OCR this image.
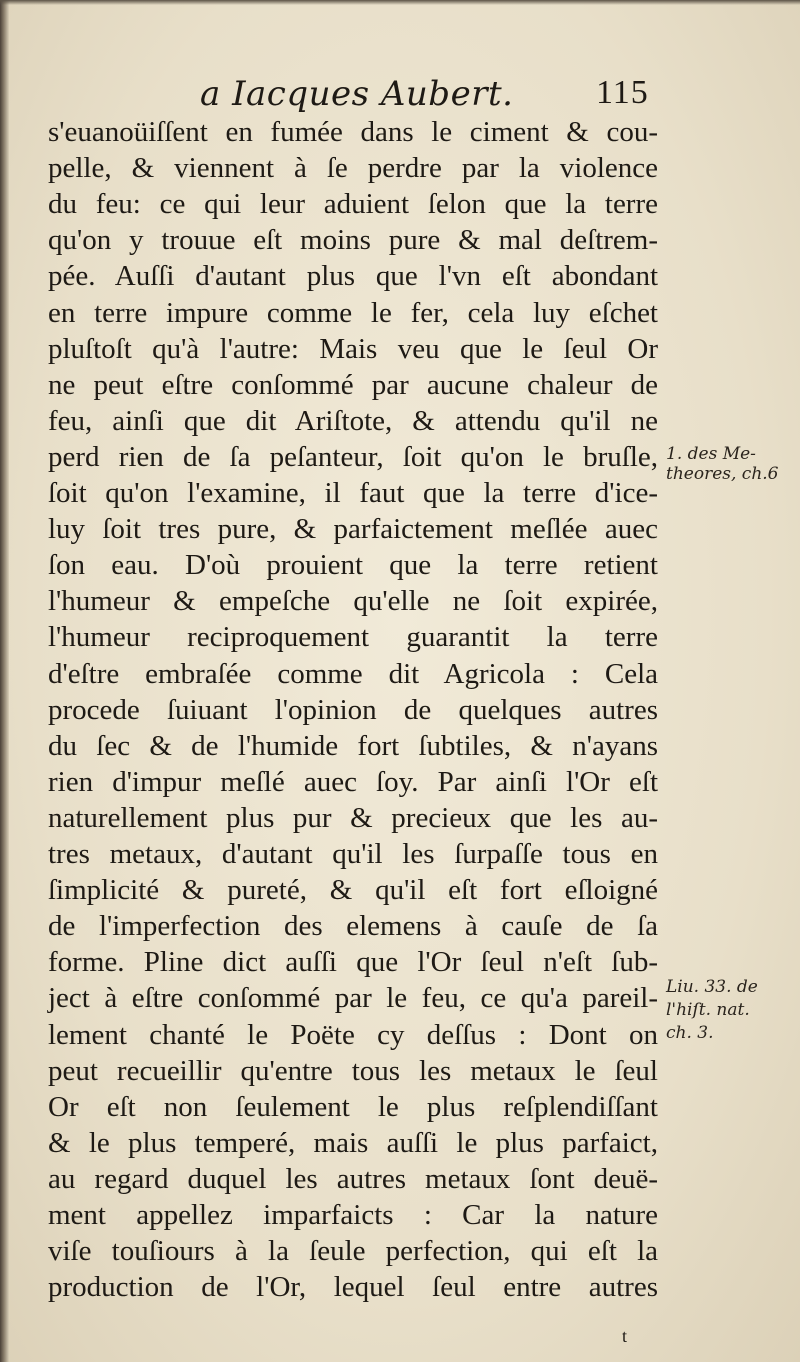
a Iacques Aubert. 115
s'euanoüiſſent en fumée dans le ciment & cou-
pelle, & viennent à ſe perdre par la violence
du feu: ce qui leur aduient ſelon que la terre
qu'on y trouue eſt moins pure & mal deſtrem-
pée. Auſſi d'autant plus que l'vn eſt abondant
en terre impure comme le fer, cela luy eſchet
pluſtoſt qu'à l'autre: Mais veu que le ſeul Or
ne peut eſtre conſommé par aucune chaleur de
feu, ainſi que dit Ariſtote, & attendu qu'il ne
perd rien de ſa peſanteur, ſoit qu'on le bruſle,
ſoit qu'on l'examine, il faut que la terre d'ice-
luy ſoit tres pure, & parfaictement meſlée auec
ſon eau. D'où prouient que la terre retient
l'humeur & empeſche qu'elle ne ſoit expirée,
l'humeur reciproquement guarantit la terre
d'eſtre embraſée comme dit Agricola : Cela
procede ſuiuant l'opinion de quelques autres
du ſec & de l'humide fort ſubtiles, & n'ayans
rien d'impur meſlé auec ſoy. Par ainſi l'Or eſt
naturellement plus pur & precieux que les au-
tres metaux, d'autant qu'il les ſurpaſſe tous en
ſimplicité & pureté, & qu'il eſt fort eſloigné
de l'imperfection des elemens à cauſe de ſa
forme. Pline dict auſſi que l'Or ſeul n'eſt ſub-
ject à eſtre conſommé par le feu, ce qu'a pareil-
lement chanté le Poëte cy deſſus : Dont on
peut recueillir qu'entre tous les metaux le ſeul
Or eſt non ſeulement le plus reſplendiſſant
& le plus temperé, mais auſſi le plus parfaict,
au regard duquel les autres metaux ſont deuë-
ment appellez imparfaicts : Car la nature
viſe touſiours à la ſeule perfection, qui eſt la
production de l'Or, lequel ſeul entre autres
1. des Me-
theores, ch.6
Liu. 33. de
l'hiſt. nat.
ch. 3.
t
